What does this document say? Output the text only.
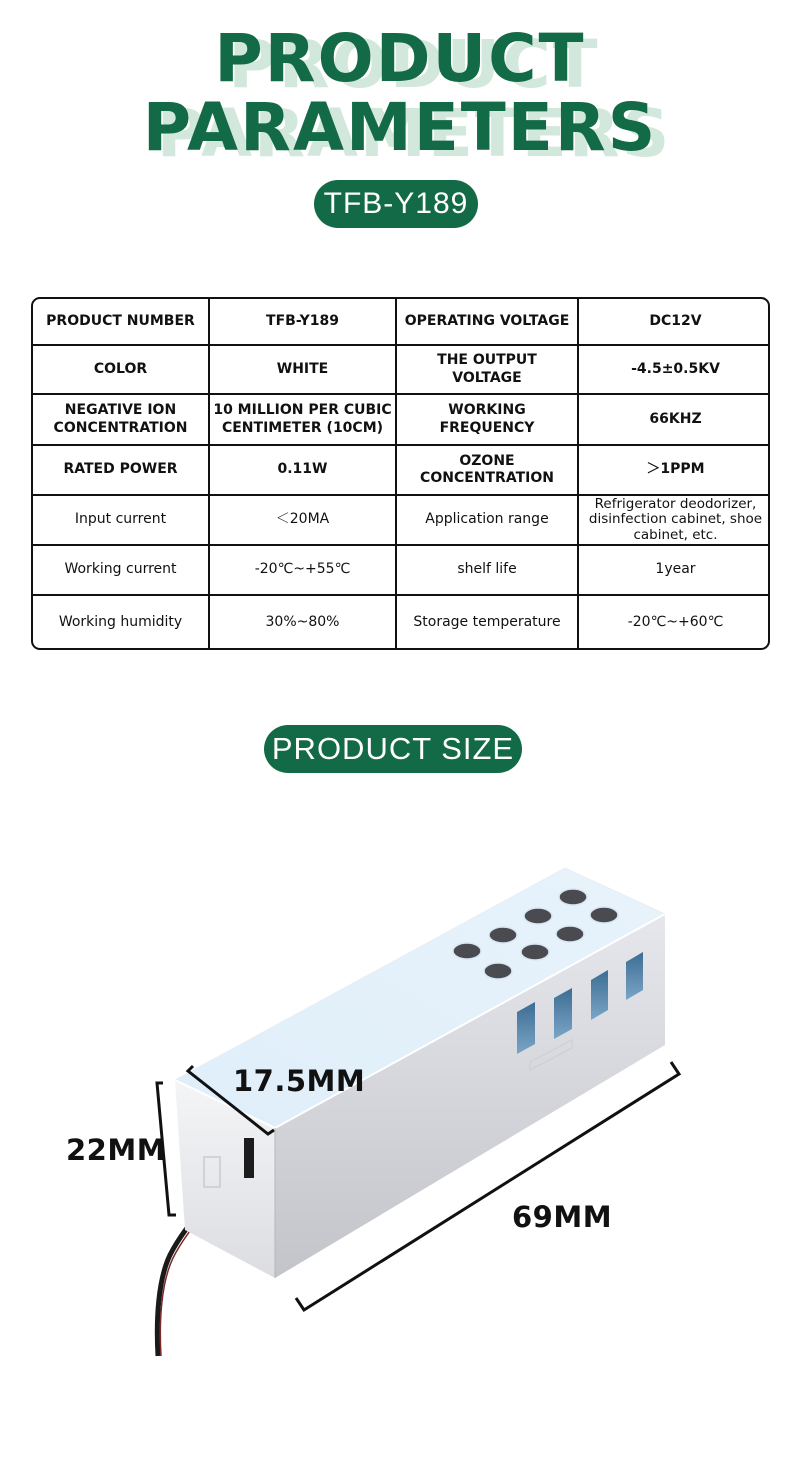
PRODUCT
PARAMETERS
TFB-Y189
PRODUCT NUMBER	TFB-Y189	OPERATING VOLTAGE	DC12V
COLOR	WHITE	THE OUTPUT VOLTAGE	-4.5±0.5KV
NEGATIVE ION CONCENTRATION	10 MILLION PER CUBIC CENTIMETER (10CM)	WORKING FREQUENCY	66KHZ
RATED POWER	0.11W	OZONE CONCENTRATION	＞1PPM
Input current	＜20MA	Application range	Refrigerator deodorizer, disinfection cabinet, shoe cabinet, etc.
Working current	-20℃~+55℃	shelf life	1year
Working humidity	30%~80%	Storage temperature	-20℃~+60℃
PRODUCT SIZE
17.5MM
22MM
69MM
